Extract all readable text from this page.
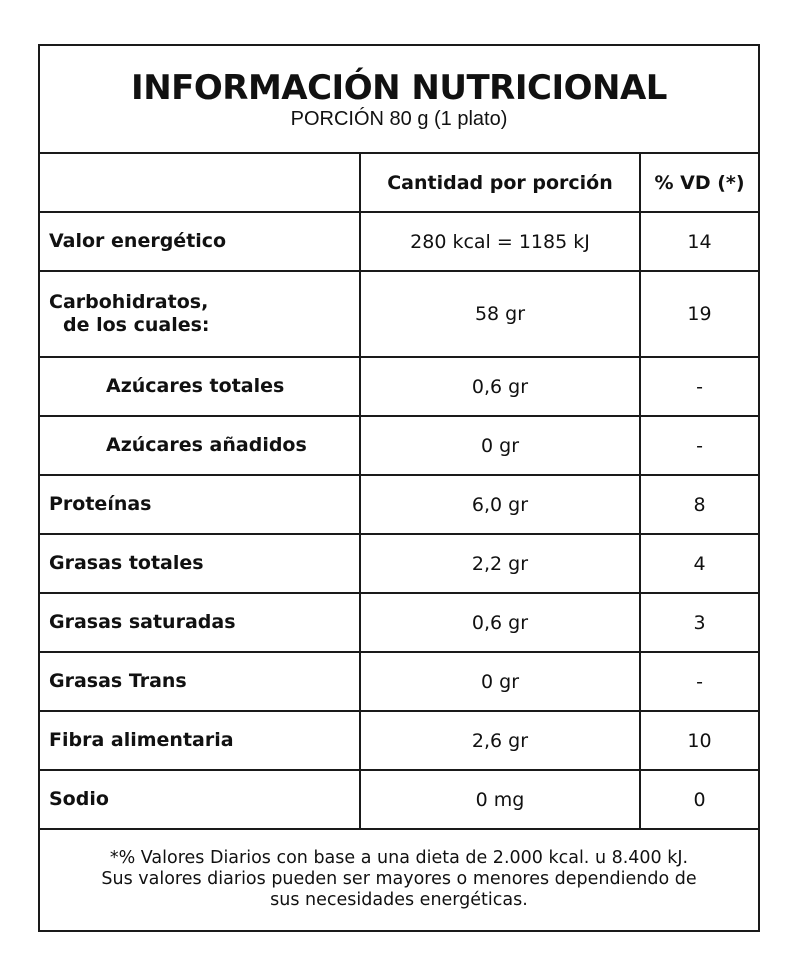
INFORMACIÓN NUTRICIONAL
PORCIÓN 80 g (1 plato)
	Cantidad por porción	% VD (*)
Valor energético	280 kcal = 1185 kJ	14
Carbohidratos,
de los cuales:	58 gr	19
Azúcares totales	0,6 gr	-
Azúcares añadidos	0 gr	-
Proteínas	6,0 gr	8
Grasas totales	2,2 gr	4
Grasas saturadas	0,6 gr	3
Grasas Trans	0 gr	-
Fibra alimentaria	2,6 gr	10
Sodio	0 mg	0
*% Valores Diarios con base a una dieta de 2.000 kcal. u 8.400 kJ.
Sus valores diarios pueden ser mayores o menores dependiendo de
sus necesidades energéticas.
